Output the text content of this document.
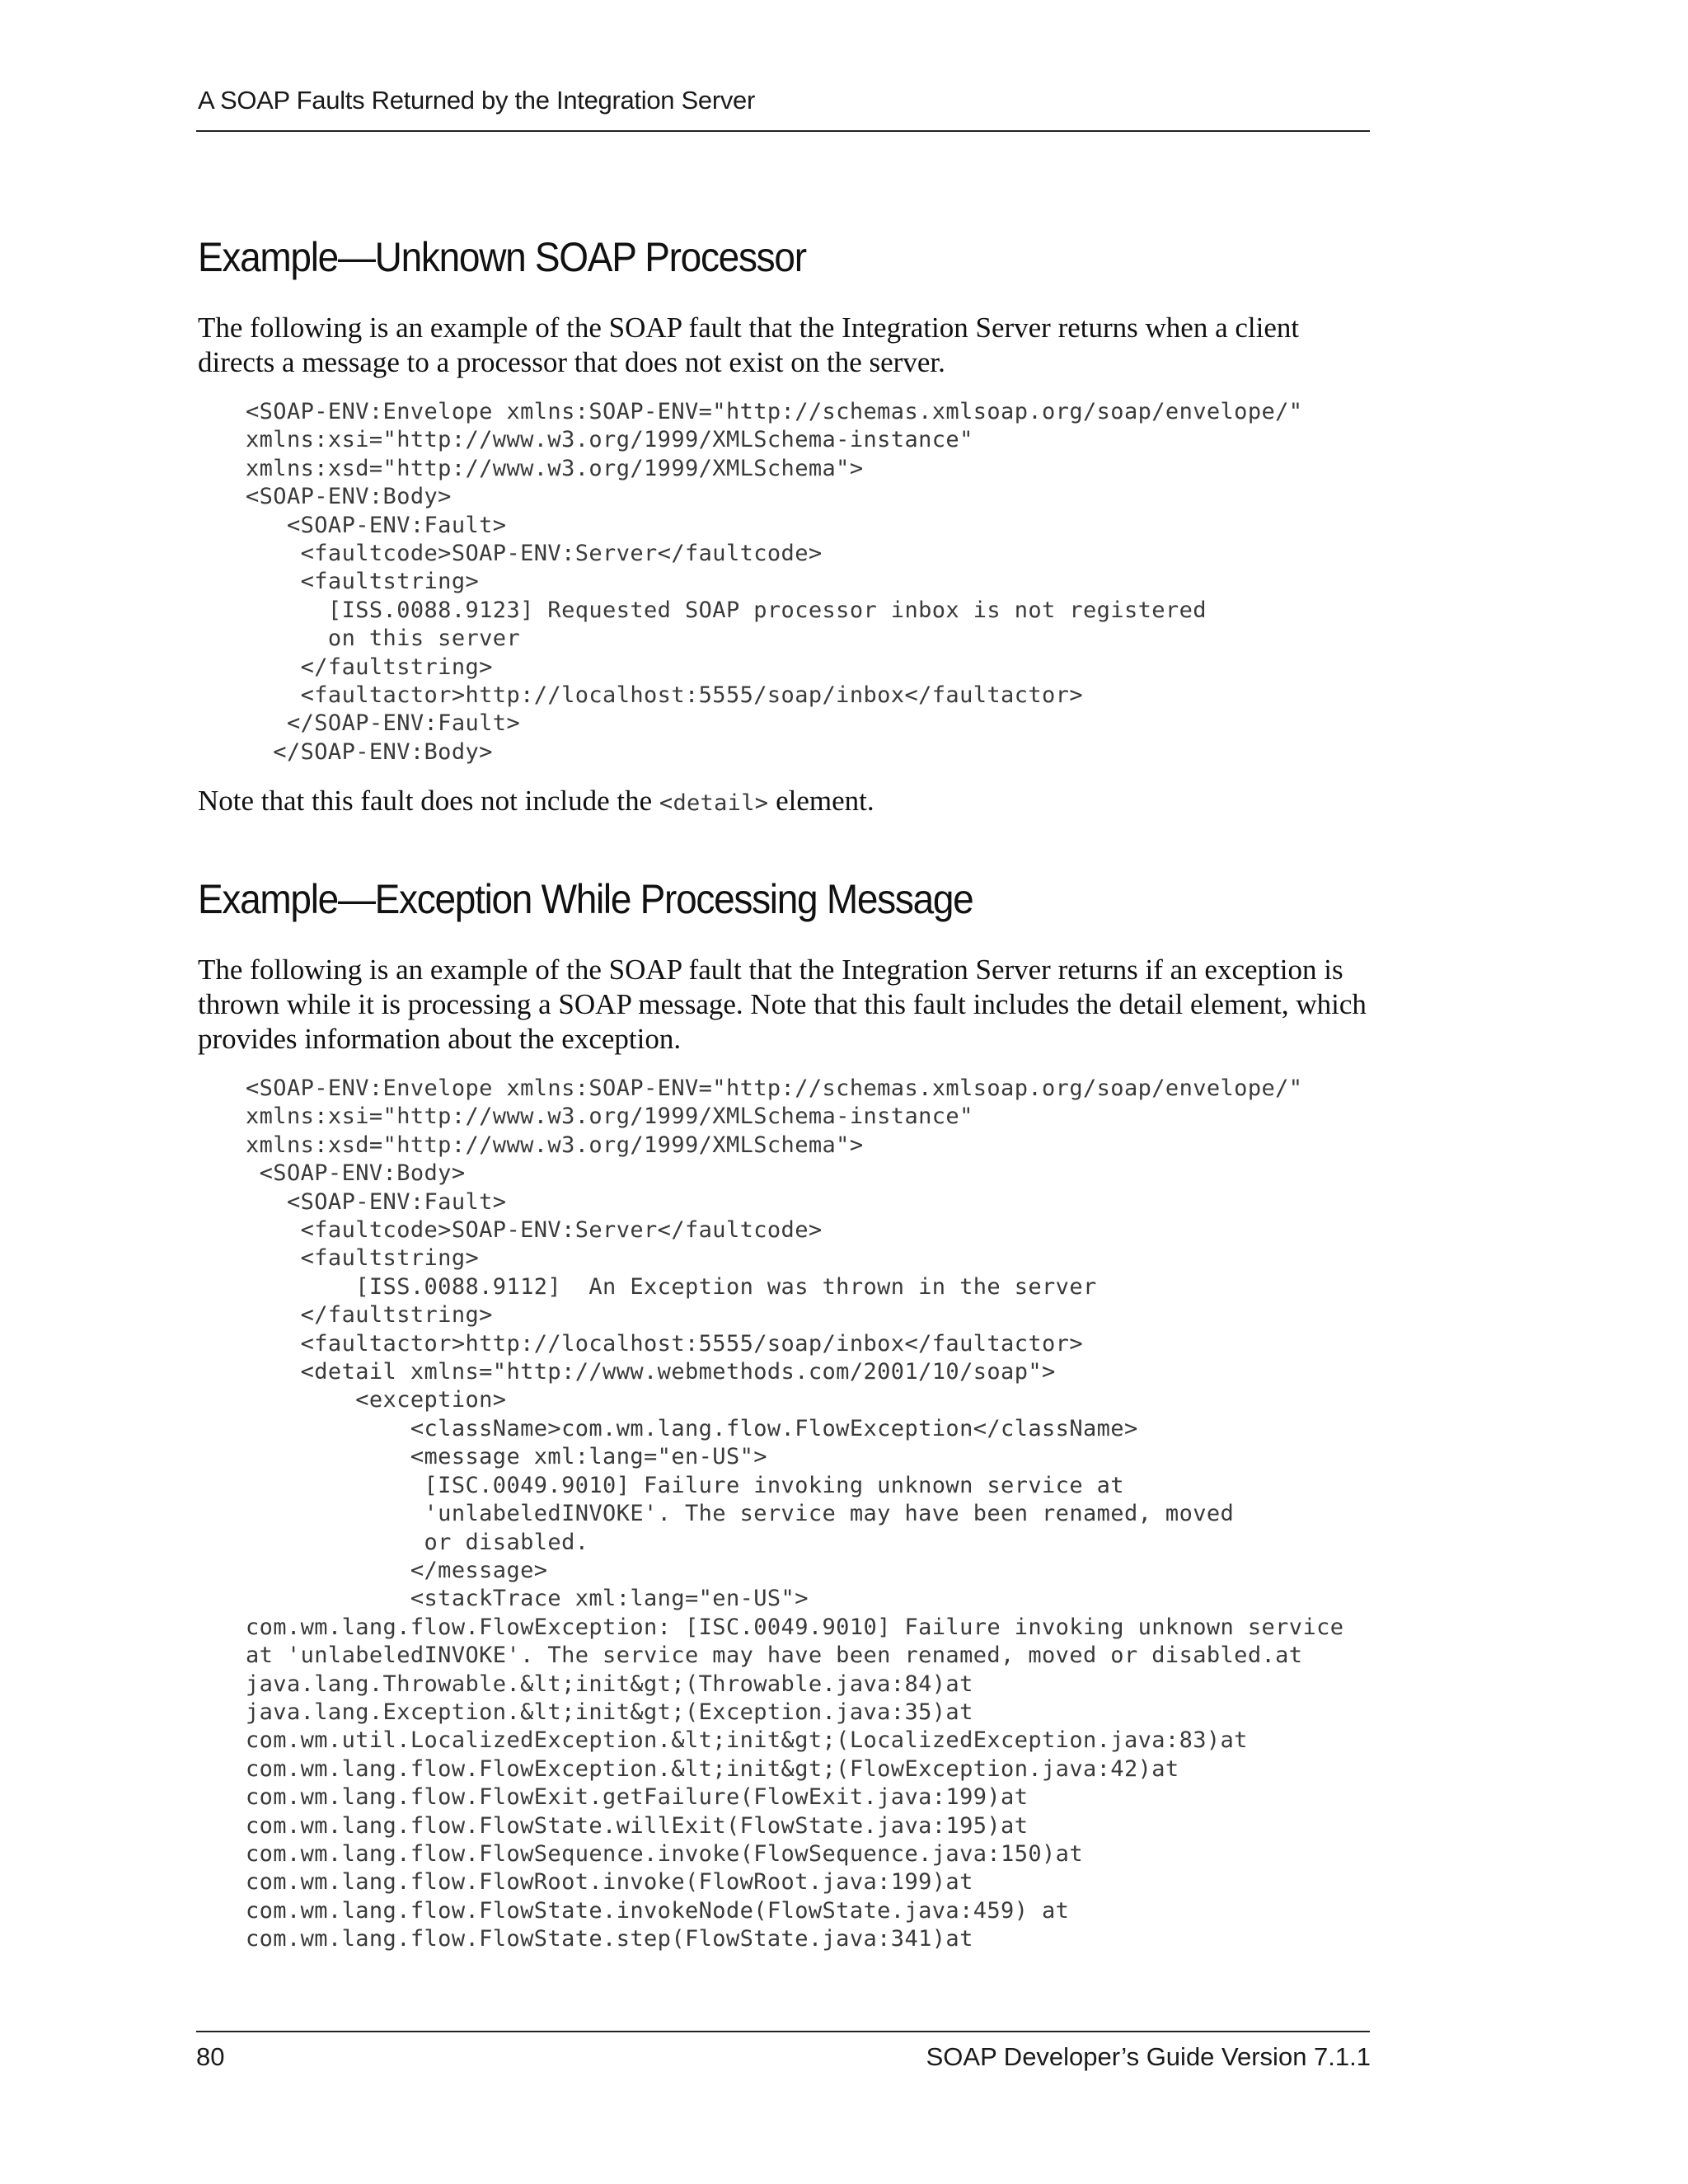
A SOAP Faults Returned by the Integration Server
Example—Unknown SOAP Processor

The following is an example of the SOAP fault that the Integration Server returns when a client directs a message to a processor that does not exist on the server.

<SOAP-ENV:Envelope xmlns:SOAP-ENV="http://schemas.xmlsoap.org/soap/envelope/"
xmlns:xsi="http://www.w3.org/1999/XMLSchema-instance"
xmlns:xsd="http://www.w3.org/1999/XMLSchema">
<SOAP-ENV:Body>
<SOAP-ENV:Fault>
<faultcode>SOAP-ENV:Server</faultcode>
<faultstring>
[ISS.0088.9123] Requested SOAP processor inbox is not registered
on this server
</faultstring>
<faultactor>http://localhost:5555/soap/inbox</faultactor>
</SOAP-ENV:Fault>
</SOAP-ENV:Body>

Note that this fault does not include the <detail> element.

Example—Exception While Processing Message

The following is an example of the SOAP fault that the Integration Server returns if an exception is thrown while it is processing a SOAP message. Note that this fault includes the detail element, which provides information about the exception.

<SOAP-ENV:Envelope xmlns:SOAP-ENV="http://schemas.xmlsoap.org/soap/envelope/"
xmlns:xsi="http://www.w3.org/1999/XMLSchema-instance"
xmlns:xsd="http://www.w3.org/1999/XMLSchema">
<SOAP-ENV:Body>
<SOAP-ENV:Fault>
<faultcode>SOAP-ENV:Server</faultcode>
<faultstring>
[ISS.0088.9112]  An Exception was thrown in the server
</faultstring>
<faultactor>http://localhost:5555/soap/inbox</faultactor>
<detail xmlns="http://www.webmethods.com/2001/10/soap">
<exception>
<className>com.wm.lang.flow.FlowException</className>
<message xml:lang="en-US">
[ISC.0049.9010] Failure invoking unknown service at
'unlabeledINVOKE'. The service may have been renamed, moved
or disabled.
</message>
<stackTrace xml:lang="en-US">
com.wm.lang.flow.FlowException: [ISC.0049.9010] Failure invoking unknown service
at 'unlabeledINVOKE'. The service may have been renamed, moved or disabled.at
java.lang.Throwable.&lt;init&gt;(Throwable.java:84)at
java.lang.Exception.&lt;init&gt;(Exception.java:35)at
com.wm.util.LocalizedException.&lt;init&gt;(LocalizedException.java:83)at
com.wm.lang.flow.FlowException.&lt;init&gt;(FlowException.java:42)at
com.wm.lang.flow.FlowExit.getFailure(FlowExit.java:199)at
com.wm.lang.flow.FlowState.willExit(FlowState.java:195)at
com.wm.lang.flow.FlowSequence.invoke(FlowSequence.java:150)at
com.wm.lang.flow.FlowRoot.invoke(FlowRoot.java:199)at
com.wm.lang.flow.FlowState.invokeNode(FlowState.java:459) at
com.wm.lang.flow.FlowState.step(FlowState.java:341)at
80	SOAP Developer’s Guide Version 7.1.1
